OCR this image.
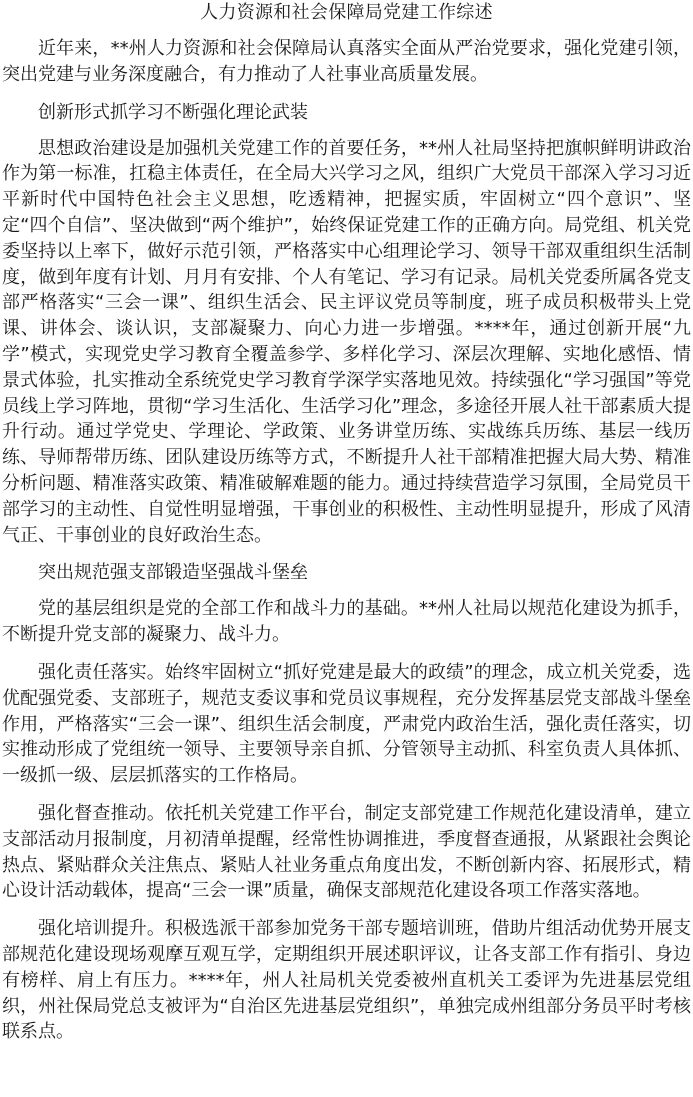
人力资源和社会保障局党建工作综述

近年来，**州人力资源和社会保障局认真落实全面从严治党要求，强化党建引领，突出党建与业务深度融合，有力推动了人社事业高质量发展。

创新形式抓学习不断强化理论武装

思想政治建设是加强机关党建工作的首要任务，**州人社局坚持把旗帜鲜明讲政治作为第一标准，扛稳主体责任，在全局大兴学习之风，组织广大党员干部深入学习习近平新时代中国特色社会主义思想，吃透精神，把握实质，牢固树立“四个意识”、坚定“四个自信”、坚决做到“两个维护”，始终保证党建工作的正确方向。局党组、机关党委坚持以上率下，做好示范引领，严格落实中心组理论学习、领导干部双重组织生活制度，做到年度有计划、月月有安排、个人有笔记、学习有记录。局机关党委所属各党支部严格落实“三会一课”、组织生活会、民主评议党员等制度，班子成员积极带头上党课、讲体会、谈认识，支部凝聚力、向心力进一步增强。****年，通过创新开展“九学”模式，实现党史学习教育全覆盖参学、多样化学习、深层次理解、实地化感悟、情景式体验，扎实推动全系统党史学习教育学深学实落地见效。持续强化“学习强国”等党员线上学习阵地，贯彻“学习生活化、生活学习化”理念，多途径开展人社干部素质大提升行动。通过学党史、学理论、学政策、业务讲堂历练、实战练兵历练、基层一线历练、导师帮带历练、团队建设历练等方式，不断提升人社干部精准把握大局大势、精准分析问题、精准落实政策、精准破解难题的能力。通过持续营造学习氛围，全局党员干部学习的主动性、自觉性明显增强，干事创业的积极性、主动性明显提升，形成了风清气正、干事创业的良好政治生态。

突出规范强支部锻造坚强战斗堡垒

党的基层组织是党的全部工作和战斗力的基础。**州人社局以规范化建设为抓手，不断提升党支部的凝聚力、战斗力。

强化责任落实。始终牢固树立“抓好党建是最大的政绩”的理念，成立机关党委，选优配强党委、支部班子，规范支委议事和党员议事规程，充分发挥基层党支部战斗堡垒作用，严格落实“三会一课”、组织生活会制度，严肃党内政治生活，强化责任落实，切实推动形成了党组统一领导、主要领导亲自抓、分管领导主动抓、科室负责人具体抓、一级抓一级、层层抓落实的工作格局。

强化督查推动。依托机关党建工作平台，制定支部党建工作规范化建设清单，建立支部活动月报制度，月初清单提醒，经常性协调推进，季度督查通报，从紧跟社会舆论热点、紧贴群众关注焦点、紧贴人社业务重点角度出发，不断创新内容、拓展形式，精心设计活动载体，提高“三会一课”质量，确保支部规范化建设各项工作落实落地。

强化培训提升。积极选派干部参加党务干部专题培训班，借助片组活动优势开展支部规范化建设现场观摩互观互学，定期组织开展述职评议，让各支部工作有指引、身边有榜样、肩上有压力。****年，州人社局机关党委被州直机关工委评为先进基层党组织，州社保局党总支被评为“自治区先进基层党组织”，单独完成州组部分务员平时考核联系点。
